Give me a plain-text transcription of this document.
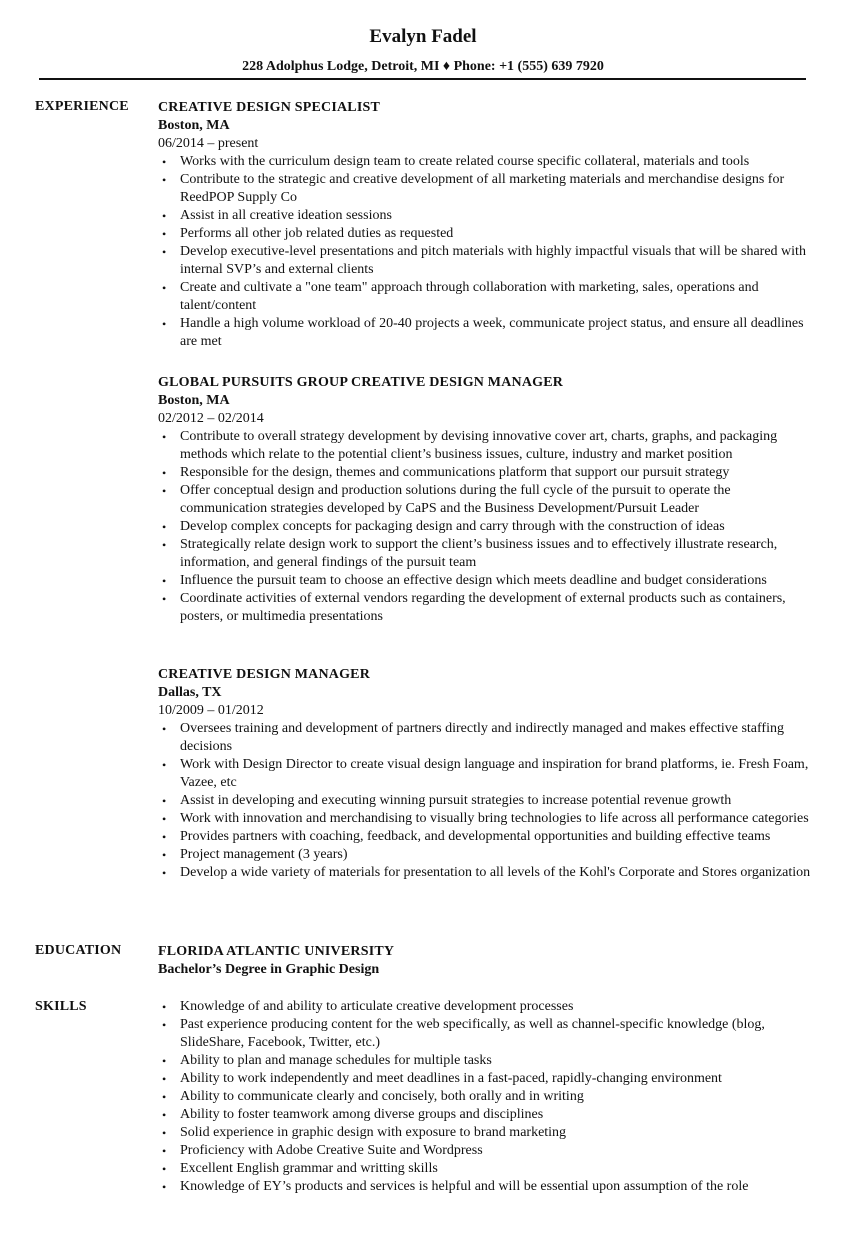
Evalyn Fadel
228 Adolphus Lodge, Detroit, MI ♦ Phone: +1 (555) 639 7920
EXPERIENCE CREATIVE DESIGN SPECIALIST
Boston, MA
06/2014 – present
• Works with the curriculum design team to create related course specific collateral, materials and tools
• Contribute to the strategic and creative development of all marketing materials and merchandise designs for ReedPOP Supply Co
• Assist in all creative ideation sessions
• Performs all other job related duties as requested
• Develop executive-level presentations and pitch materials with highly impactful visuals that will be shared with internal SVP’s and external clients
• Create and cultivate a "one team" approach through collaboration with marketing, sales, operations and talent/content
• Handle a high volume workload of 20-40 projects a week, communicate project status, and ensure all deadlines are met
GLOBAL PURSUITS GROUP CREATIVE DESIGN MANAGER
Boston, MA
02/2012 – 02/2014
• Contribute to overall strategy development by devising innovative cover art, charts, graphs, and packaging methods which relate to the potential client’s business issues, culture, industry and market position
• Responsible for the design, themes and communications platform that support our pursuit strategy
• Offer conceptual design and production solutions during the full cycle of the pursuit to operate the communication strategies developed by CaPS and the Business Development/Pursuit Leader
• Develop complex concepts for packaging design and carry through with the construction of ideas
• Strategically relate design work to support the client’s business issues and to effectively illustrate research, information, and general findings of the pursuit team
• Influence the pursuit team to choose an effective design which meets deadline and budget considerations
• Coordinate activities of external vendors regarding the development of external products such as containers, posters, or multimedia presentations
CREATIVE DESIGN MANAGER
Dallas, TX
10/2009 – 01/2012
• Oversees training and development of partners directly and indirectly managed and makes effective staffing decisions
• Work with Design Director to create visual design language and inspiration for brand platforms, ie. Fresh Foam, Vazee, etc
• Assist in developing and executing winning pursuit strategies to increase potential revenue growth
• Work with innovation and merchandising to visually bring technologies to life across all performance categories
• Provides partners with coaching, feedback, and developmental opportunities and building effective teams
• Project management (3 years)
• Develop a wide variety of materials for presentation to all levels of the Kohl's Corporate and Stores organization
EDUCATION	FLORIDA ATLANTIC UNIVERSITY
Bachelor’s Degree in Graphic Design
SKILLS	• Knowledge of and ability to articulate creative development processes
• Past experience producing content for the web specifically, as well as channel-specific knowledge (blog, SlideShare, Facebook, Twitter, etc.)
• Ability to plan and manage schedules for multiple tasks
• Ability to work independently and meet deadlines in a fast-paced, rapidly-changing environment
• Ability to communicate clearly and concisely, both orally and in writing
• Ability to foster teamwork among diverse groups and disciplines
• Solid experience in graphic design with exposure to brand marketing
• Proficiency with Adobe Creative Suite and Wordpress
• Excellent English grammar and writting skills
• Knowledge of EY’s products and services is helpful and will be essential upon assumption of the role
